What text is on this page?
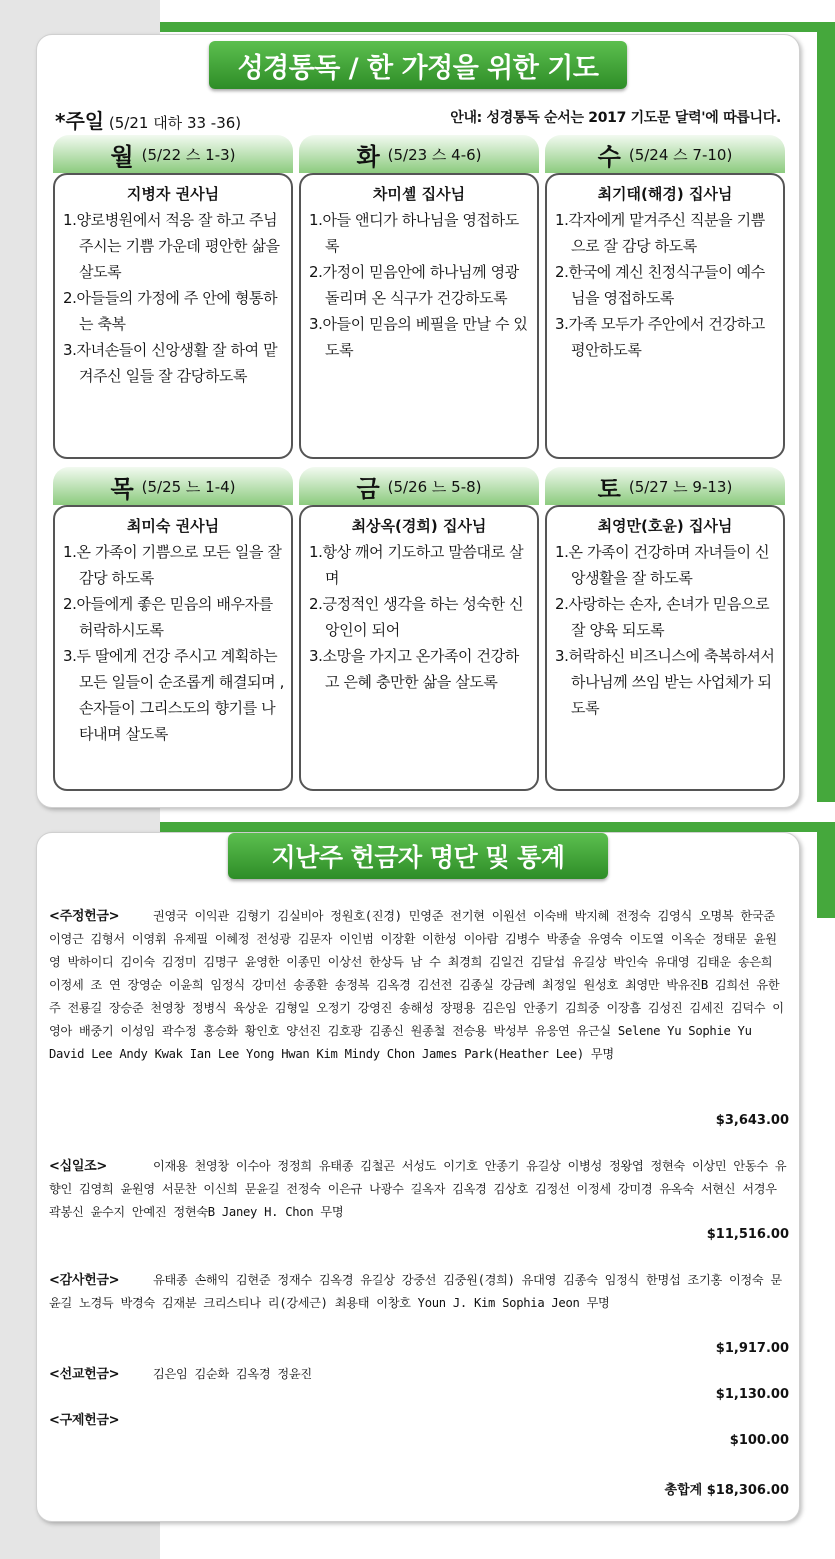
성경통독 / 한 가정을 위한 기도
*주일 (5/21 대하 33 -36)	안내: 성경통독 순서는 2017 기도문 달력'에 따릅니다.
월 (5/22 스 1-3)
지병자 권사님
1.양로병원에서 적응 잘 하고 주님 주시는 기쁨 가운데 평안한 삶을 살도록
2.아들들의 가정에 주 안에 형통하는 축복
3.자녀손들이 신앙생활 잘 하여 맡겨주신 일들 잘 감당하도록
화 (5/23 스 4-6)
차미셸 집사님
1.아들 앤디가 하나님을 영접하도록
2.가정이 믿음안에 하나님께 영광돌리며 온 식구가 건강하도록
3.아들이 믿음의 베필을 만날 수 있도록
수 (5/24 스 7-10)
최기태(해경) 집사님
1.각자에게 맡겨주신 직분을 기쁨으로 잘 감당 하도록
2.한국에 계신 친정식구들이 예수님을 영접하도록
3.가족 모두가 주안에서 건강하고 평안하도록
목 (5/25 느 1-4)
최미숙 권사님
1.온 가족이 기쁨으로 모든 일을 잘 감당 하도록
2.아들에게 좋은 믿음의 배우자를 허락하시도록
3.두 딸에게 건강 주시고 계획하는 모든 일들이 순조롭게 해결되며 , 손자들이 그리스도의 향기를 나타내며 살도록
금 (5/26 느 5-8)
최상옥(경희) 집사님
1.항상 깨어 기도하고 말씀대로 살며
2.긍정적인 생각을 하는 성숙한 신앙인이 되어
3.소망을 가지고 온가족이 건강하고 은혜 충만한 삶을 살도록
토 (5/27 느 9-13)
최영만(호윤) 집사님
1.온 가족이 건강하며 자녀들이 신앙생활을 잘 하도록
2.사랑하는 손자, 손녀가 믿음으로 잘 양육 되도록
3.허락하신 비즈니스에 축복하셔서 하나님께 쓰임 받는 사업체가 되도록
지난주 헌금자 명단 및 통계
<주정헌금>	권영국 이익관 김형기 김실비아 정원호(진경) 민영준 전기현 이원선 이숙배 박지혜 전정숙 김영식 오명복 한국준 이영근 김형서 이영휘 유제필 이혜정 전성광 김문자 이인범 이장환 이한성 이아람 김병수 박종술 유영숙 이도열 이옥순 정태문 윤원영 박하이디 김이숙 김정미 김명구 윤영한 이종민 이상선 한상득 남 수 최경희 김일건 김달섭 유길상 박인숙 유대영 김태운 송은희 이정세 조 연 장영순 이윤희 임정식 강미선 송종환 송정복 김옥경 김선전 김종실 강금례 최정일 원성호 최영만 박유진B 김희선 유한주 전룡길 장승준 천영창 정병식 육상운 김형일 오정기 강영진 송해성 장평용 김은임 안종기 김희중 이장흠 김성진 김세진 김덕수 이영아 배중기 이성임 곽수정 홍승화 황인호 양선진 김호광 김종신 원종철 전승용 박성부 유응연 유근실 Selene Yu Sophie Yu David Lee Andy Kwak Ian Lee Yong Hwan Kim Mindy Chon James Park(Heather Lee) 무명
$3,643.00
<십일조>	이재용 천영창 이수아 정정희 유태종 김철곤 서성도 이기호 안종기 유길상 이병성 정왕엽 정현숙 이상민 안동수 유향인 김영희 윤원영 서문찬 이신희 문윤길 전정숙 이은규 나광수 길옥자 김옥경 김상호 김정선 이정세 강미경 유옥숙 서현신 서경우 곽봉신 윤수지 안예진 정현숙B Janey H. Chon 무명
$11,516.00
<감사헌금>	유태종 손해익 김현준 정재수 김옥경 유길상 강중선 김중원(경희) 유대영 김종숙 임정식 한명섭 조기홍 이정숙 문윤길 노경득 박경숙 김재분 크리스티나 리(강세근) 최용태 이창호 Youn J. Kim Sophia Jeon 무명
$1,917.00
<선교헌금>	김은임 김순화 김옥경 정윤진
$1,130.00
<구제헌금>
$100.00
총합계 $18,306.00
